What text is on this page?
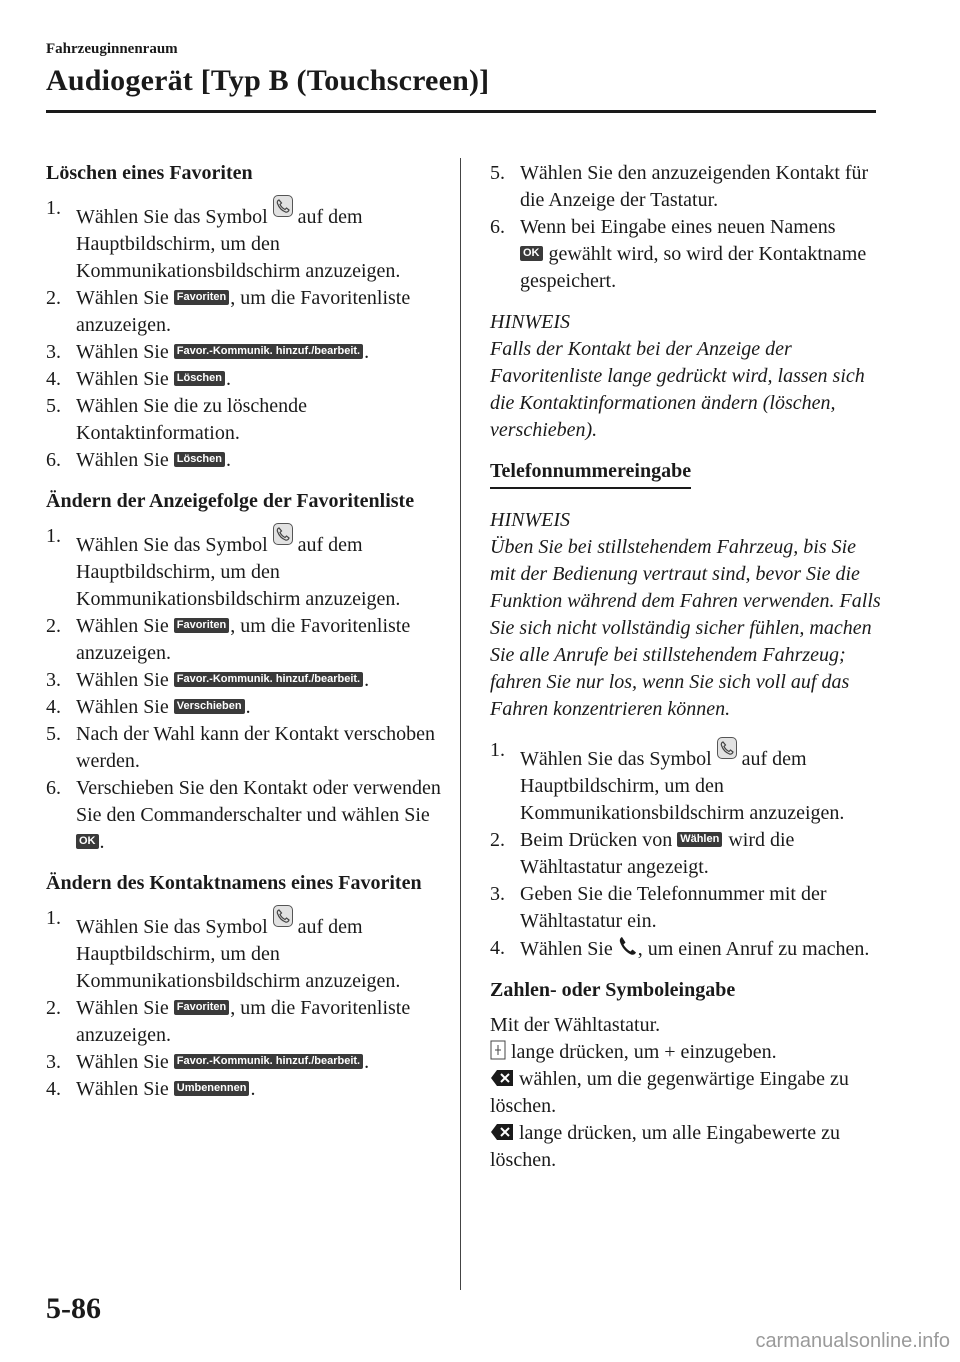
Fahrzeuginnenraum
Audiogerät [Typ B (Touchscreen)]
Löschen eines Favoriten
1. Wählen Sie das Symbol auf dem Hauptbildschirm, um den Kommunikationsbildschirm anzuzeigen.
2. Wählen Sie Favoriten , um die Favoritenliste anzuzeigen.
3. Wählen Sie Favor.-Kommunik. hinzuf./bearbeit. .
4. Wählen Sie Löschen .
5. Wählen Sie die zu löschende Kontaktinformation.
6. Wählen Sie Löschen .
Ändern der Anzeigefolge der Favoritenliste
1. Wählen Sie das Symbol auf dem Hauptbildschirm, um den Kommunikationsbildschirm anzuzeigen.
2. Wählen Sie Favoriten , um die Favoritenliste anzuzeigen.
3. Wählen Sie Favor.-Kommunik. hinzuf./bearbeit. .
4. Wählen Sie Verschieben .
5. Nach der Wahl kann der Kontakt verschoben werden.
6. Verschieben Sie den Kontakt oder verwenden Sie den Commanderschalter und wählen Sie
OK .
Ändern des Kontaktnamens eines Favoriten
1. Wählen Sie das Symbol auf dem Hauptbildschirm, um den Kommunikationsbildschirm anzuzeigen.
2. Wählen Sie Favoriten , um die Favoritenliste anzuzeigen.
3. Wählen Sie Favor.-Kommunik. hinzuf./bearbeit. .
4. Wählen Sie Umbenennen .
5. Wählen Sie den anzuzeigenden Kontakt für die Anzeige der Tastatur.
6. Wenn bei Eingabe eines neuen Namens
OK gewählt wird, so wird der Kontaktname gespeichert.

HINWEIS

Falls der Kontakt bei der Anzeige der Favoritenliste lange gedrückt wird, lassen sich die Kontaktinformationen ändern (löschen, verschieben).

Telefonnummereingabe

HINWEIS

Üben Sie bei stillstehendem Fahrzeug, bis Sie mit der Bedienung vertraut sind, bevor Sie die Funktion während dem Fahren verwenden. Falls Sie sich nicht vollständig sicher fühlen, machen Sie alle Anrufe bei stillstehendem Fahrzeug; fahren Sie nur los, wenn Sie sich voll auf das Fahren konzentrieren können.

1. Wählen Sie das Symbol auf dem Hauptbildschirm, um den Kommunikationsbildschirm anzuzeigen.
2. Beim Drücken von Wählen wird die Wähltastatur angezeigt.
3. Geben Sie die Telefonnummer mit der Wähltastatur ein.
4. Wählen Sie , um einen Anruf zu machen.
Zahlen- oder Symboleingabe

Mit der Wähltastatur.

lange drücken, um + einzugeben.

wählen, um die gegenwärtige Eingabe zu löschen.

lange drücken, um alle Eingabewerte zu löschen.

5-86
carmanualsonline.info
